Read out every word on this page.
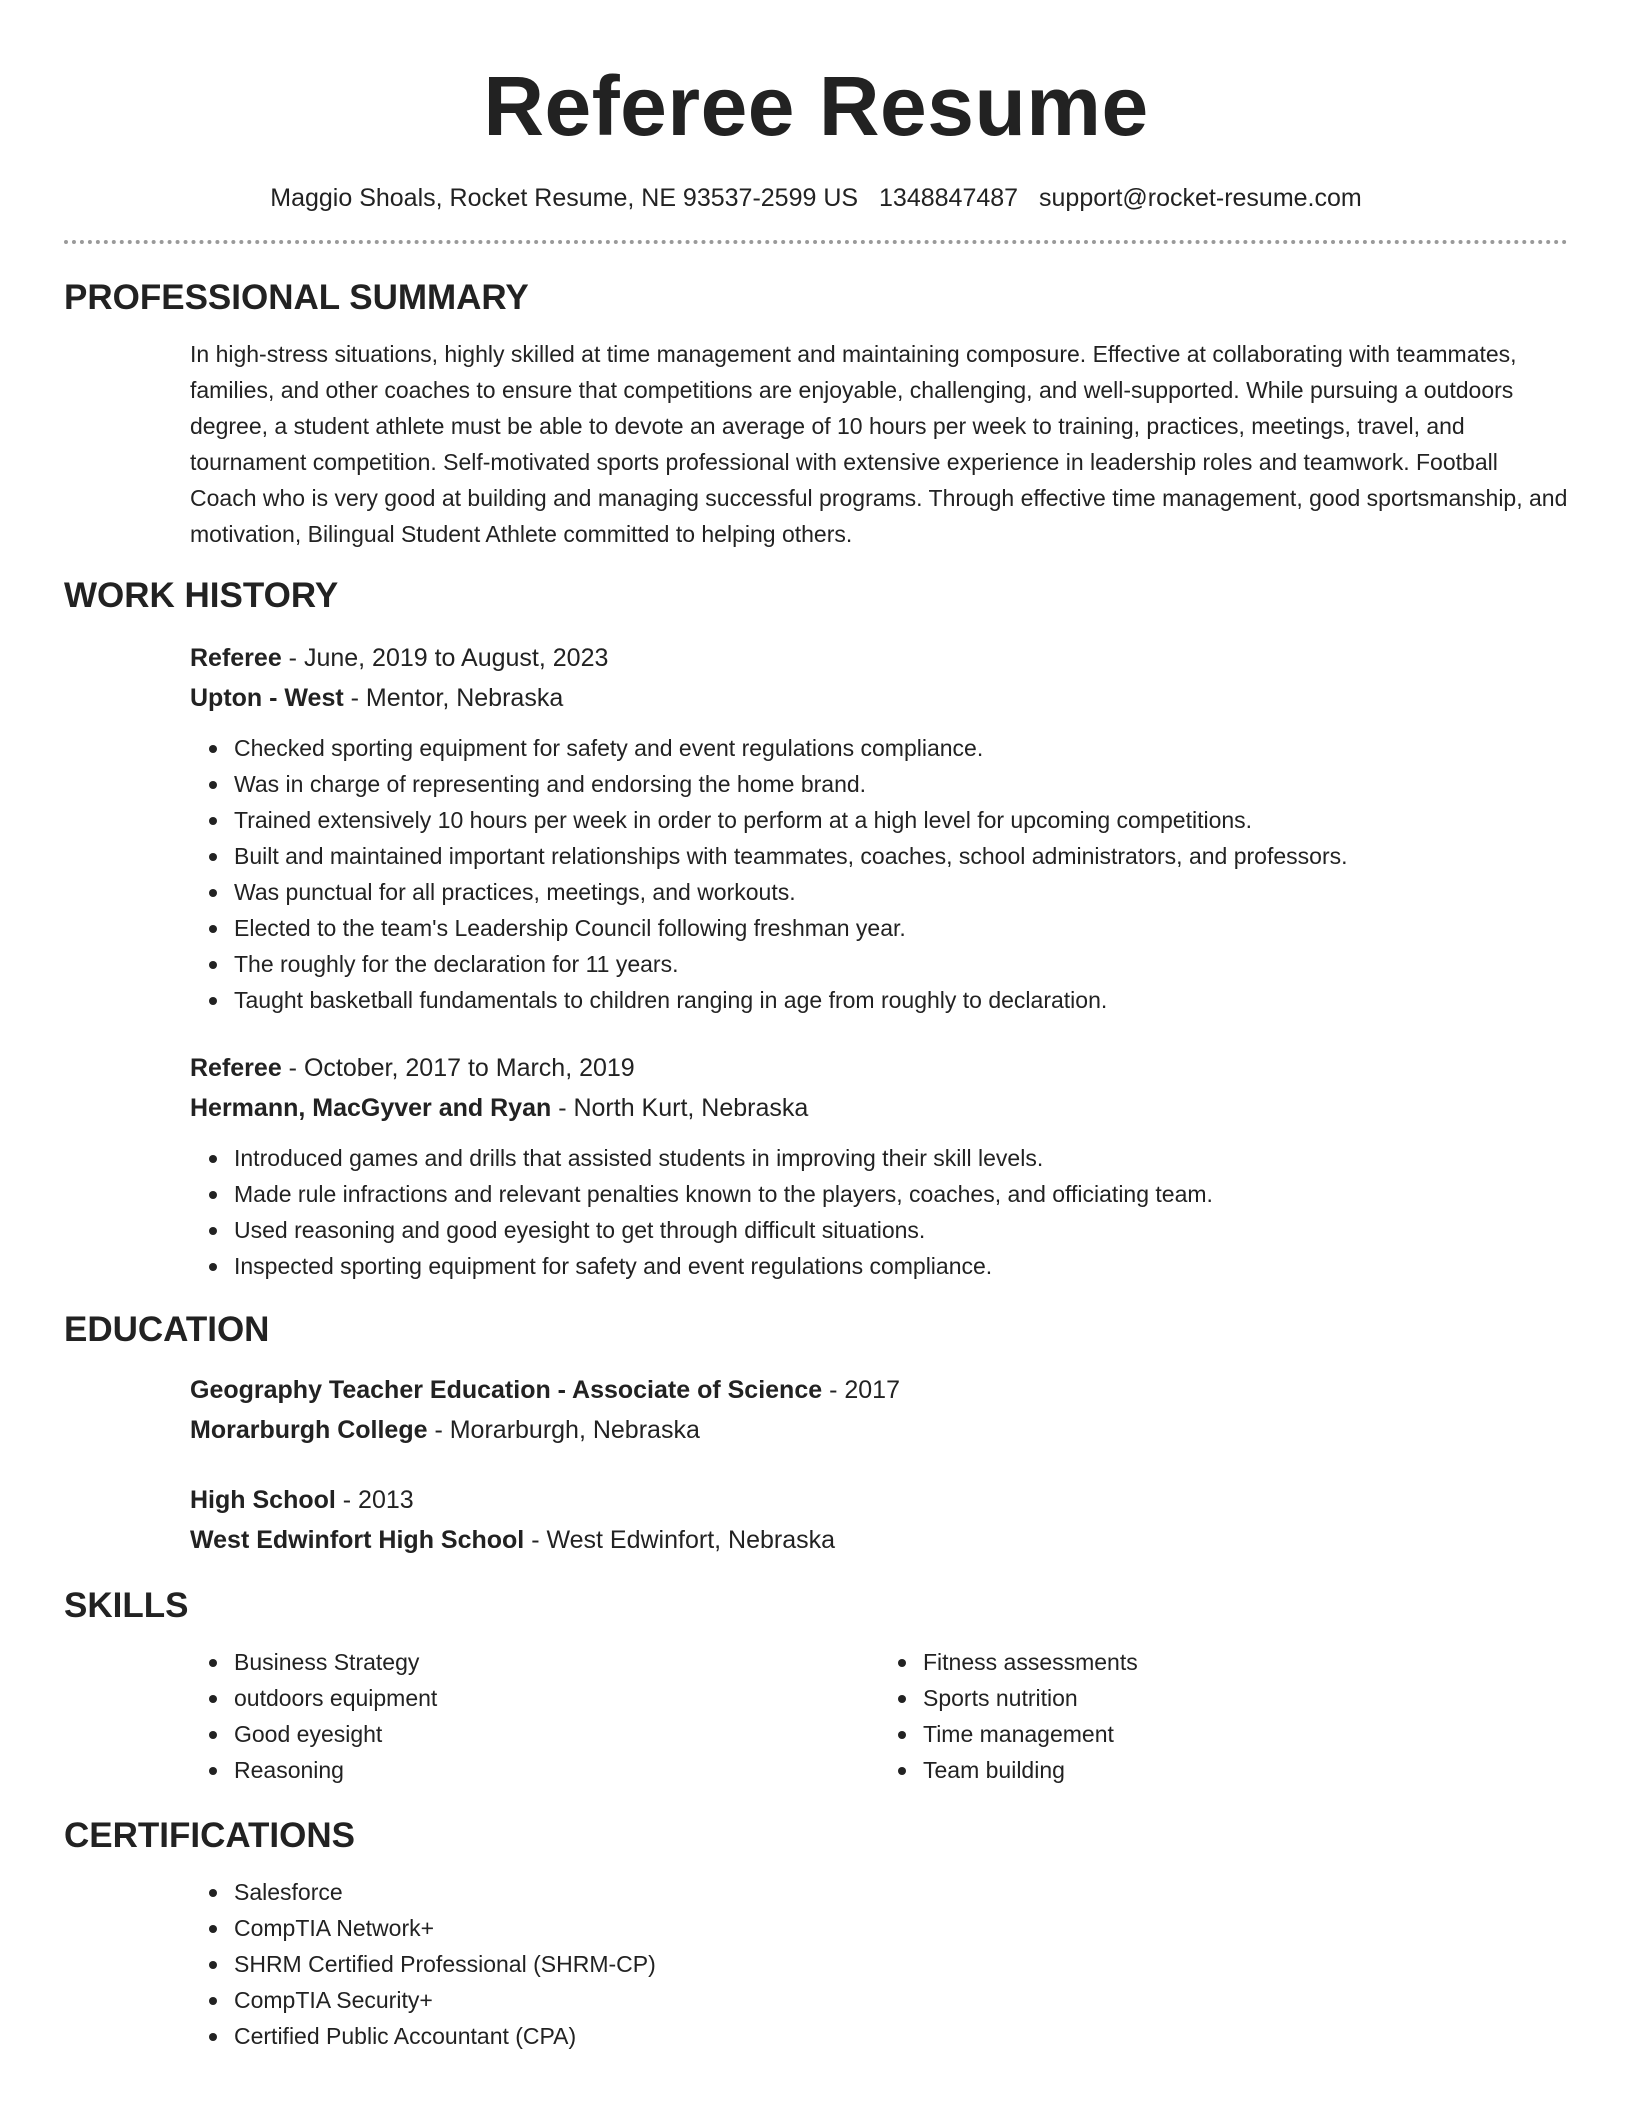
Referee Resume
Maggio Shoals, Rocket Resume, NE 93537-2599 US 1348847487 support@rocket-resume.com
PROFESSIONAL SUMMARY

In high-stress situations, highly skilled at time management and maintaining composure. Effective at collaborating with teammates, families, and other coaches to ensure that competitions are enjoyable, challenging, and well-supported. While pursuing a outdoors degree, a student athlete must be able to devote an average of 10 hours per week to training, practices, meetings, travel, and tournament competition. Self-motivated sports professional with extensive experience in leadership roles and teamwork. Football Coach who is very good at building and managing successful programs. Through effective time management, good sportsmanship, and motivation, Bilingual Student Athlete committed to helping others.

WORK HISTORY
Referee - June, 2019 to August, 2023
Upton - West - Mentor, Nebraska
Checked sporting equipment for safety and event regulations compliance.
Was in charge of representing and endorsing the home brand.
Trained extensively 10 hours per week in order to perform at a high level for upcoming competitions.
Built and maintained important relationships with teammates, coaches, school administrators, and professors.
Was punctual for all practices, meetings, and workouts.
Elected to the team's Leadership Council following freshman year.
The roughly for the declaration for 11 years.
Taught basketball fundamentals to children ranging in age from roughly to declaration.
Referee - October, 2017 to March, 2019
Hermann, MacGyver and Ryan - North Kurt, Nebraska
Introduced games and drills that assisted students in improving their skill levels.
Made rule infractions and relevant penalties known to the players, coaches, and officiating team.
Used reasoning and good eyesight to get through difficult situations.
Inspected sporting equipment for safety and event regulations compliance.
EDUCATION
Geography Teacher Education - Associate of Science - 2017
Morarburgh College - Morarburgh, Nebraska
High School - 2013
West Edwinfort High School - West Edwinfort, Nebraska
SKILLS
Business Strategy
outdoors equipment
Good eyesight
Reasoning
Fitness assessments
Sports nutrition
Time management
Team building
CERTIFICATIONS
Salesforce
CompTIA Network+
SHRM Certified Professional (SHRM-CP)
CompTIA Security+
Certified Public Accountant (CPA)
